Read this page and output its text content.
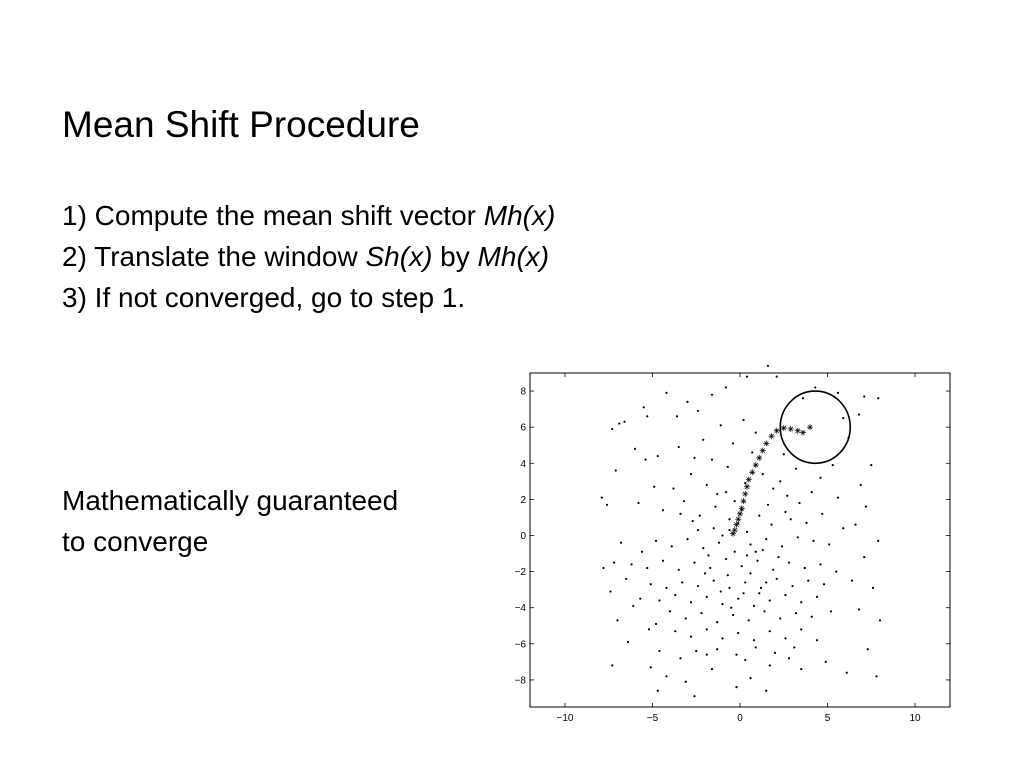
Mean Shift Procedure
1) Compute the mean shift vector Mh(x)
2) Translate the window Sh(x) by Mh(x)
3) If not converged, go to step 1.
Mathematically guaranteed
to converge
−10	−5	0	5	10
−8
−6
−4
−2
0
2
4
6
8
